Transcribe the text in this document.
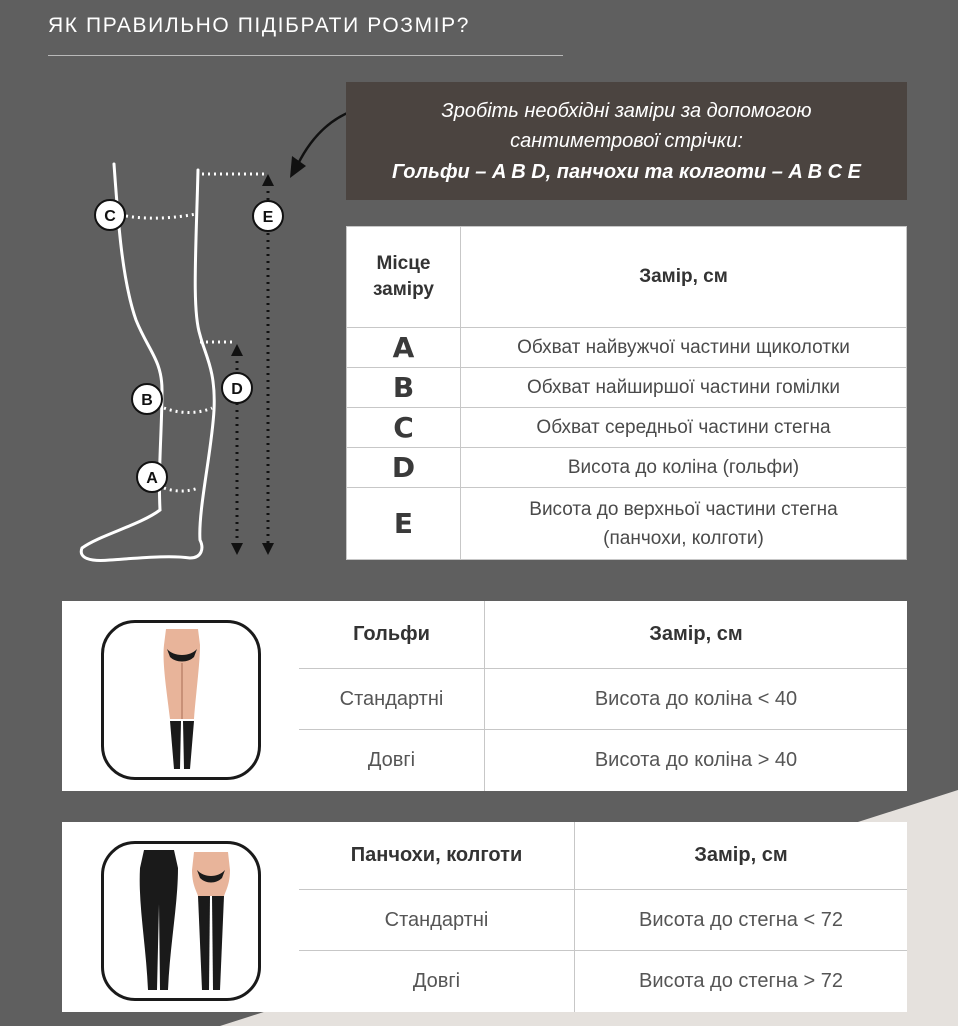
ЯК ПРАВИЛЬНО ПІДІБРАТИ РОЗМІР?
Зробіть необхідні заміри за допомогою
сантиметрової стрічки:
Гольфи – A B D, панчохи та колготи – A B C E
C	E
D
B
A
Місце заміру	Замір, см
A	Обхват найвужчої частини щиколотки
B	Обхват найширшої частини гомілки
C	Обхват середньої частини стегна
D	Висота до коліна (гольфи)
E	Висота до верхньої частини стегна (панчохи, колготи)
Гольфи	Замір, см
Стандартні	Висота до коліна < 40
Довгі	Висота до коліна > 40
Панчохи, колготи	Замір, см
Стандартні	Висота до стегна < 72
Довгі	Висота до стегна > 72
